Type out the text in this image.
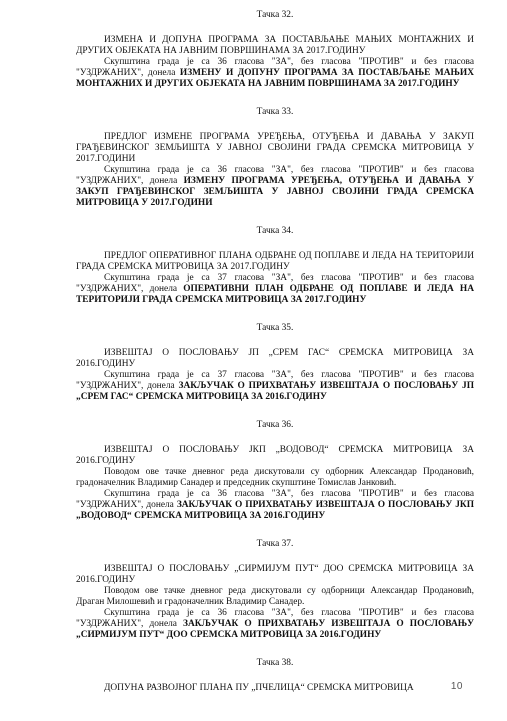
Тачка 32.

ИЗМЕНА И ДОПУНА ПРОГРАМА ЗА ПОСТАВЉАЊЕ МАЊИХ МОНТАЖНИХ И ДРУГИХ ОБЈЕКАТА НА ЈАВНИМ ПОВРШИНАМА ЗА 2017.ГОДИНУ

Скупштина града је са 36 гласова "ЗА", без гласова "ПРОТИВ" и без гласова "УЗДРЖАНИХ", донела ИЗМЕНУ И ДОПУНУ ПРОГРАМА ЗА ПОСТАВЉАЊЕ МАЊИХ МОНТАЖНИХ И ДРУГИХ ОБЈЕКАТА НА ЈАВНИМ ПОВРШИНАМА ЗА 2017.ГОДИНУ

Тачка 33.

ПРЕДЛОГ ИЗМЕНЕ ПРОГРАМА УРЕЂЕЊА, ОТУЂЕЊА И ДАВАЊА У ЗАКУП ГРАЂЕВИНСКОГ ЗЕМЉИШТА У ЈАВНОЈ СВОЈИНИ ГРАДА СРЕМСКА МИТРОВИЦА У 2017.ГОДИНИ

Скупштина града је са 36 гласова "ЗА", без гласова "ПРОТИВ" и без гласова "УЗДРЖАНИХ", донела ИЗМЕНУ ПРОГРАМА УРЕЂЕЊА, ОТУЂЕЊА И ДАВАЊА У ЗАКУП ГРАЂЕВИНСКОГ ЗЕМЉИШТА У ЈАВНОЈ СВОЈИНИ ГРАДА СРЕМСКА МИТРОВИЦА У 2017.ГОДИНИ

Тачка 34.

ПРЕДЛОГ ОПЕРАТИВНОГ ПЛАНА ОДБРАНЕ ОД ПОПЛАВЕ И ЛЕДА НА ТЕРИТОРИЈИ ГРАДА СРЕМСКА МИТРОВИЦА ЗА 2017.ГОДИНУ

Скупштина града је са 37 гласова "ЗА", без гласова "ПРОТИВ" и без гласова "УЗДРЖАНИХ", донела ОПЕРАТИВНИ ПЛАН ОДБРАНЕ ОД ПОПЛАВЕ И ЛЕДА НА ТЕРИТОРИЈИ ГРАДА СРЕМСКА МИТРОВИЦА ЗА 2017.ГОДИНУ

Тачка 35.

ИЗВЕШТАЈ О ПОСЛОВАЊУ ЈП „СРЕМ ГАС“ СРЕМСКА МИТРОВИЦА ЗА 2016.ГОДИНУ

Скупштина града је са 37 гласова "ЗА", без гласова "ПРОТИВ" и без гласова "УЗДРЖАНИХ", донела ЗАКЉУЧАК О ПРИХВАТАЊУ ИЗВЕШТАЈА О ПОСЛОВАЊУ ЈП „СРЕМ ГАС“ СРЕМСКА МИТРОВИЦА ЗА 2016.ГОДИНУ

Тачка 36.

ИЗВЕШТАЈ О ПОСЛОВАЊУ ЈКП „ВОДОВОД“ СРЕМСКА МИТРОВИЦА ЗА 2016.ГОДИНУ

Поводом ове тачке дневног реда дискутовали су одборник Александар Продановић, градоначелник Владимир Санадер и председник скупштине Томислав Јанковић.

Скупштина града је са 36 гласова "ЗА", без гласова "ПРОТИВ" и без гласова "УЗДРЖАНИХ", донела ЗАКЉУЧАК О ПРИХВАТАЊУ ИЗВЕШТАЈА О ПОСЛОВАЊУ ЈКП „ВОДОВОД“ СРЕМСКА МИТРОВИЦА ЗА 2016.ГОДИНУ

Тачка 37.

ИЗВЕШТАЈ О ПОСЛОВАЊУ „СИРМИЈУМ ПУТ“ ДОО СРЕМСКА МИТРОВИЦА ЗА 2016.ГОДИНУ

Поводом ове тачке дневног реда дискутовали су одборници Александар Продановић, Драган Милошевић и градоначелник Владимир Санадер.

Скупштина града је са 36 гласова "ЗА", без гласова "ПРОТИВ" и без гласова "УЗДРЖАНИХ", донела ЗАКЉУЧАК О ПРИХВАТАЊУ ИЗВЕШТАЈА О ПОСЛОВАЊУ „СИРМИЈУМ ПУТ“ ДОО СРЕМСКА МИТРОВИЦА ЗА 2016.ГОДИНУ

Тачка 38.

ДОПУНА РАЗВОЈНОГ ПЛАНА ПУ „ПЧЕЛИЦА“ СРЕМСКА МИТРОВИЦА	10
